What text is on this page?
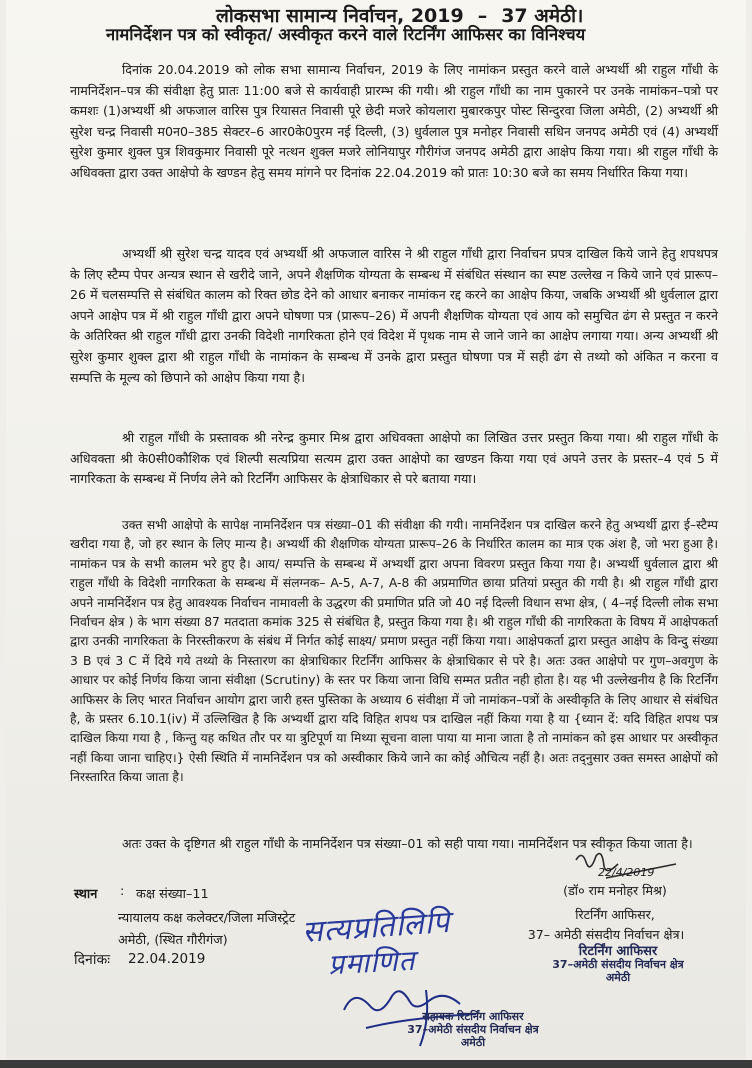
लोकसभा सामान्य निर्वाचन, 2019 – 37 अमेठी।
नामनिर्देशन पत्र को स्वीकृत/ अस्वीकृत करने वाले रिटर्निंग आफिसर का विनिश्चय

दिनांक 20.04.2019 को लोक सभा सामान्य निर्वाचन, 2019 के लिए नामांकन प्रस्तुत करने वाले अभ्यर्थी श्री राहुल गाँधी के नामनिर्देशन–पत्र की संवीक्षा हेतु प्रातः 11:00 बजे से कार्यवाही प्रारम्भ की गयी। श्री राहुल गाँधी का नाम पुकारने पर उनके नामांकन–पत्रो पर कमशः (1)अभ्यर्थी श्री अफजाल वारिस पुत्र रियासत निवासी पूरे छेदी मजरे कोयलारा मुबारकपुर पोस्ट सिन्दुरवा जिला अमेठी, (2) अभ्यर्थी श्री सुरेश चन्द्र निवासी म0न0–385 सेक्टर–6 आर0के0पुरम नई दिल्ली, (3) धुर्वलाल पुत्र मनोहर निवासी सधिन जनपद अमेठी एवं (4) अभ्यर्थी सुरेश कुमार शुक्ल पुत्र शिवकुमार निवासी पूरे नत्थन शुक्ल मजरे लोनियापुर गौरीगंज जनपद अमेठी द्वारा आक्षेप किया गया। श्री राहुल गाँधी के अधिवक्ता द्वारा उक्त आक्षेपो के खण्डन हेतु समय मांगने पर दिनांक 22.04.2019 को प्रातः 10:30 बजे का समय निर्धारित किया गया।

अभ्यर्थी श्री सुरेश चन्द्र यादव एवं अभ्यर्थी श्री अफजाल वारिस ने श्री राहुल गाँधी द्वारा निर्वाचन प्रपत्र दाखिल किये जाने हेतु शपथपत्र के लिए स्टैम्प पेपर अन्यत्र स्थान से खरीदे जाने, अपने शैक्षणिक योग्यता के सम्बन्ध में संबंधित संस्थान का स्पष्ट उल्लेख न किये जाने एवं प्रारूप–26 में चलसम्पत्ति से संबंधित कालम को रिक्त छोड देने को आधार बनाकर नामांकन रद्द करने का आक्षेप किया, जबकि अभ्यर्थी श्री धुर्वलाल द्वारा अपने आक्षेप पत्र में श्री राहुल गाँधी द्वारा अपने घोषणा पत्र (प्रारूप–26) में अपनी शैक्षणिक योग्यता एवं आय को समुचित ढंग से प्रस्तुत न करने के अतिरिक्त श्री राहुल गाँधी द्वारा उनकी विदेशी नागरिकता होने एवं विदेश में पृथक नाम से जाने जाने का आक्षेप लगाया गया। अन्य अभ्यर्थी श्री सुरेश कुमार शुक्ल द्वारा श्री राहुल गाँधी के नामांकन के सम्बन्ध में उनके द्वारा प्रस्तुत घोषणा पत्र में सही ढंग से तथ्यो को अंकित न करना व सम्पत्ति के मूल्य को छिपाने को आक्षेप किया गया है।

श्री राहुल गाँधी के प्रस्तावक श्री नरेन्द्र कुमार मिश्र द्वारा अधिवक्ता आक्षेपो का लिखित उत्तर प्रस्तुत किया गया। श्री राहुल गाँधी के अधिवक्ता श्री के0सी0कौशिक एवं शिल्पी सत्यप्रिया सत्यम द्वारा उक्त आक्षेपो का खण्डन किया गया एवं अपने उत्तर के प्रस्तर–4 एवं 5 में नागरिकता के सम्बन्ध में निर्णय लेने को रिटर्निंग आफिसर के क्षेत्राधिकार से परे बताया गया।

उक्त सभी आक्षेपो के सापेक्ष नामनिर्देशन पत्र संख्या–01 की संवीक्षा की गयी। नामनिर्देशन पत्र दाखिल करने हेतु अभ्यर्थी द्वारा ई–स्टैम्प खरीदा गया है, जो हर स्थान के लिए मान्य है। अभ्यर्थी की शैक्षणिक योग्यता प्रारूप–26 के निर्धारित कालम का मात्र एक अंश है, जो भरा हुआ है। नामांकन पत्र के सभी कालम भरे हुए है। आय/ सम्पत्ति के सम्बन्ध में अभ्यर्थी द्वारा अपना विवरण प्रस्तुत किया गया है। अभ्यर्थी धुर्वलाल द्वारा श्री राहुल गाँधी के विदेशी नागरिकता के सम्बन्ध में संलग्नक– A-5, A-7, A-8 की अप्रमाणित छाया प्रतियां प्रस्तुत की गयी है। श्री राहुल गाँधी द्वारा अपने नामनिर्देशन पत्र हेतु आवश्यक निर्वाचन नामावली के उद्धरण की प्रमाणित प्रति जो 40 नई दिल्ली विधान सभा क्षेत्र, ( 4–नई दिल्ली लोक सभा निर्वाचन क्षेत्र ) के भाग संख्या 87 मतदाता कमांक 325 से संबंधित है, प्रस्तुत किया गया है। श्री राहुल गाँधी की नागरिकता के विषय में आक्षेपकर्ता द्वारा उनकी नागरिकता के निरस्तीकरण के संबंध में निर्गत कोई साक्ष्य/ प्रमाण प्रस्तुत नहीं किया गया। आक्षेपकर्ता द्वारा प्रस्तुत आक्षेप के विन्दु संख्या 3 B एवं 3 C में दिये गये तथ्यो के निस्तारण का क्षेत्राधिकार रिटर्निंग आफिसर के क्षेत्राधिकार से परे है। अतः उक्त आक्षेपो पर गुण–अवगुण के आधार पर कोई निर्णय किया जाना संवीक्षा (Scrutiny) के स्तर पर किया जाना विधि सम्मत प्रतीत नही होता है। यह भी उल्लेखनीय है कि रिटर्निंग आफिसर के लिए भारत निर्वाचन आयोग द्वारा जारी हस्त पुस्तिका के अध्याय 6 संवीक्षा में जो नामांकन–पत्रों के अस्वीकृति के लिए आधार से संबंधित है, के प्रस्तर 6.10.1(iv) में उल्लिखित है कि अभ्यर्थी द्वारा यदि विहित शपथ पत्र दाखिल नहीं किया गया है या {ध्यान दें: यदि विहित शपथ पत्र दाखिल किया गया है , किन्तु यह कथित तौर पर या त्रुटिपूर्ण या मिथ्या सूचना वाला पाया या माना जाता है तो नामांकन को इस आधार पर अस्वीकृत नहीं किया जाना चाहिए।} ऐसी स्थिति में नामनिर्देशन पत्र को अस्वीकार किये जाने का कोई औचित्य नहीं है। अतः तद्नुसार उक्त समस्त आक्षेपों को निरस्तारित किया जाता है।

अतः उक्त के दृष्टिगत श्री राहुल गाँधी के नामनिर्देशन पत्र संख्या–01 को सही पाया गया। नामनिर्देशन पत्र स्वीकृत किया जाता है।

स्थान : कक्ष संख्या–11
न्यायालय कक्ष कलेक्टर/जिला मजिस्ट्रेट
अमेठी, (स्थित गौरीगंज)
दिनांकः 22.04.2019
22/4/2019
(डॉ० राम मनोहर मिश्र)
रिटर्निंग आफिसर,
37– अमेठी संसदीय निर्वाचन क्षेत्र।
रिटर्निंग आफिसर
37–अमेठी संसदीय निर्वाचन क्षेत्र
अमेठी
सत्यप्रतिलिपि
प्रमाणित
सहायक रिटर्निंग आफिसर
37–अमेठी संसदीय निर्वाचन क्षेत्र
अमेठी
